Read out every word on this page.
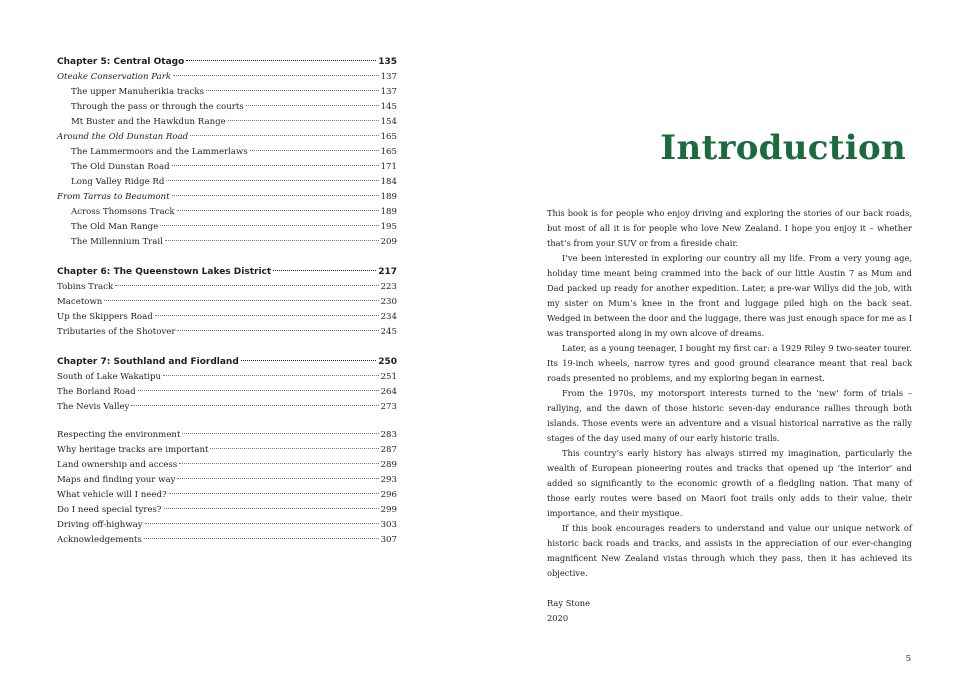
Chapter 5: Central Otago	135
Oteake Conservation Park	137
The upper Manuherikia tracks	137
Through the pass or through the courts	145
Mt Buster and the Hawkdun Range	154
Around the Old Dunstan Road	165
The Lammermoors and the Lammerlaws	165
The Old Dunstan Road	171
Long Valley Ridge Rd	184
From Tarras to Beaumont	189
Across Thomsons Track	189
The Old Man Range	195
The Millennium Trail	209
Chapter 6: The Queenstown Lakes District	217
Tobins Track	223
Macetown	230
Up the Skippers Road	234
Tributaries of the Shotover	245
Chapter 7: Southland and Fiordland	250
South of Lake Wakatipu	251
The Borland Road	264
The Nevis Valley	273
Respecting the environment	283
Why heritage tracks are important	287
Land ownership and access	289
Maps and finding your way	293
What vehicle will I need?	296
Do I need special tyres?	299
Driving off-highway	303
Acknowledgements	307
Introduction

This book is for people who enjoy driving and exploring the stories of our back roads, but most of all it is for people who love New Zealand. I hope you enjoy it – whether that’s from your SUV or from a fireside chair.

I’ve been interested in exploring our country all my life. From a very young age, holiday time meant being crammed into the back of our little Austin 7 as Mum and Dad packed up ready for another expedition. Later, a pre-war Willys did the job, with my sister on Mum’s knee in the front and luggage piled high on the back seat. Wedged in between the door and the luggage, there was just enough space for me as I was transported along in my own alcove of dreams.

Later, as a young teenager, I bought my first car: a 1929 Riley 9 two-seater tourer. Its 19-inch wheels, narrow tyres and good ground clearance meant that real back roads presented no problems, and my exploring began in earnest.

From the 1970s, my motorsport interests turned to the ‘new’ form of trials – rallying, and the dawn of those historic seven-day endurance rallies through both islands. Those events were an adventure and a visual historical narrative as the rally stages of the day used many of our early historic trails.

This country’s early history has always stirred my imagination, particularly the wealth of European pioneering routes and tracks that opened up ‘the interior’ and added so significantly to the economic growth of a fledgling nation. That many of those early routes were based on Maori foot trails only adds to their value, their importance, and their mystique.

If this book encourages readers to understand and value our unique network of historic back roads and tracks, and assists in the appreciation of our ever-changing magnificent New Zealand vistas through which they pass, then it has achieved its objective.

Ray Stone
2020
5
